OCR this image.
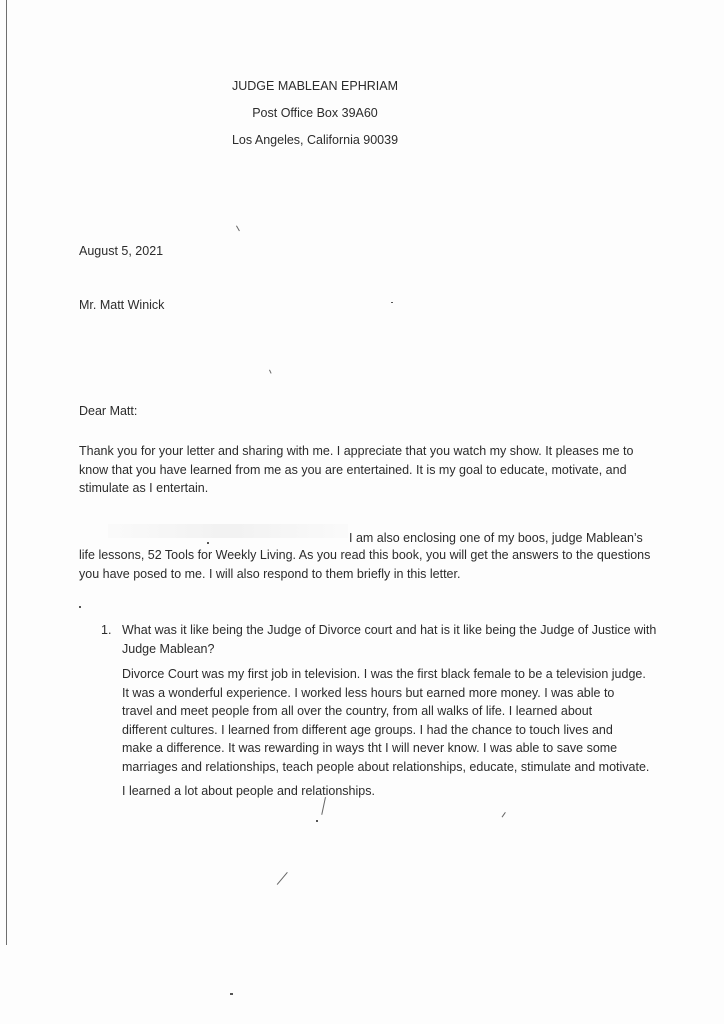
JUDGE MABLEAN EPHRIAM
Post Office Box 39A60
Los Angeles, California 90039
August 5, 2021
Mr. Matt Winick
Dear Matt:
Thank you for your letter and sharing with me. I appreciate that you watch my show. It pleases me to
know that you have learned from me as you are entertained. It is my goal to educate, motivate, and
stimulate as I entertain.
I am also enclosing one of my boos, judge Mablean’s
life lessons, 52 Tools for Weekly Living. As you read this book, you will get the answers to the questions
you have posed to me. I will also respond to them briefly in this letter.
1. What was it like being the Judge of Divorce court and hat is it like being the Judge of Justice with
Judge Mablean?
Divorce Court was my first job in television. I was the first black female to be a television judge.
It was a wonderful experience. I worked less hours but earned more money. I was able to
travel and meet people from all over the country, from all walks of life. I learned about
different cultures. I learned from different age groups. I had the chance to touch lives and
make a difference. It was rewarding in ways tht I will never know. I was able to save some
marriages and relationships, teach people about relationships, educate, stimulate and motivate.
I learned a lot about people and relationships.
